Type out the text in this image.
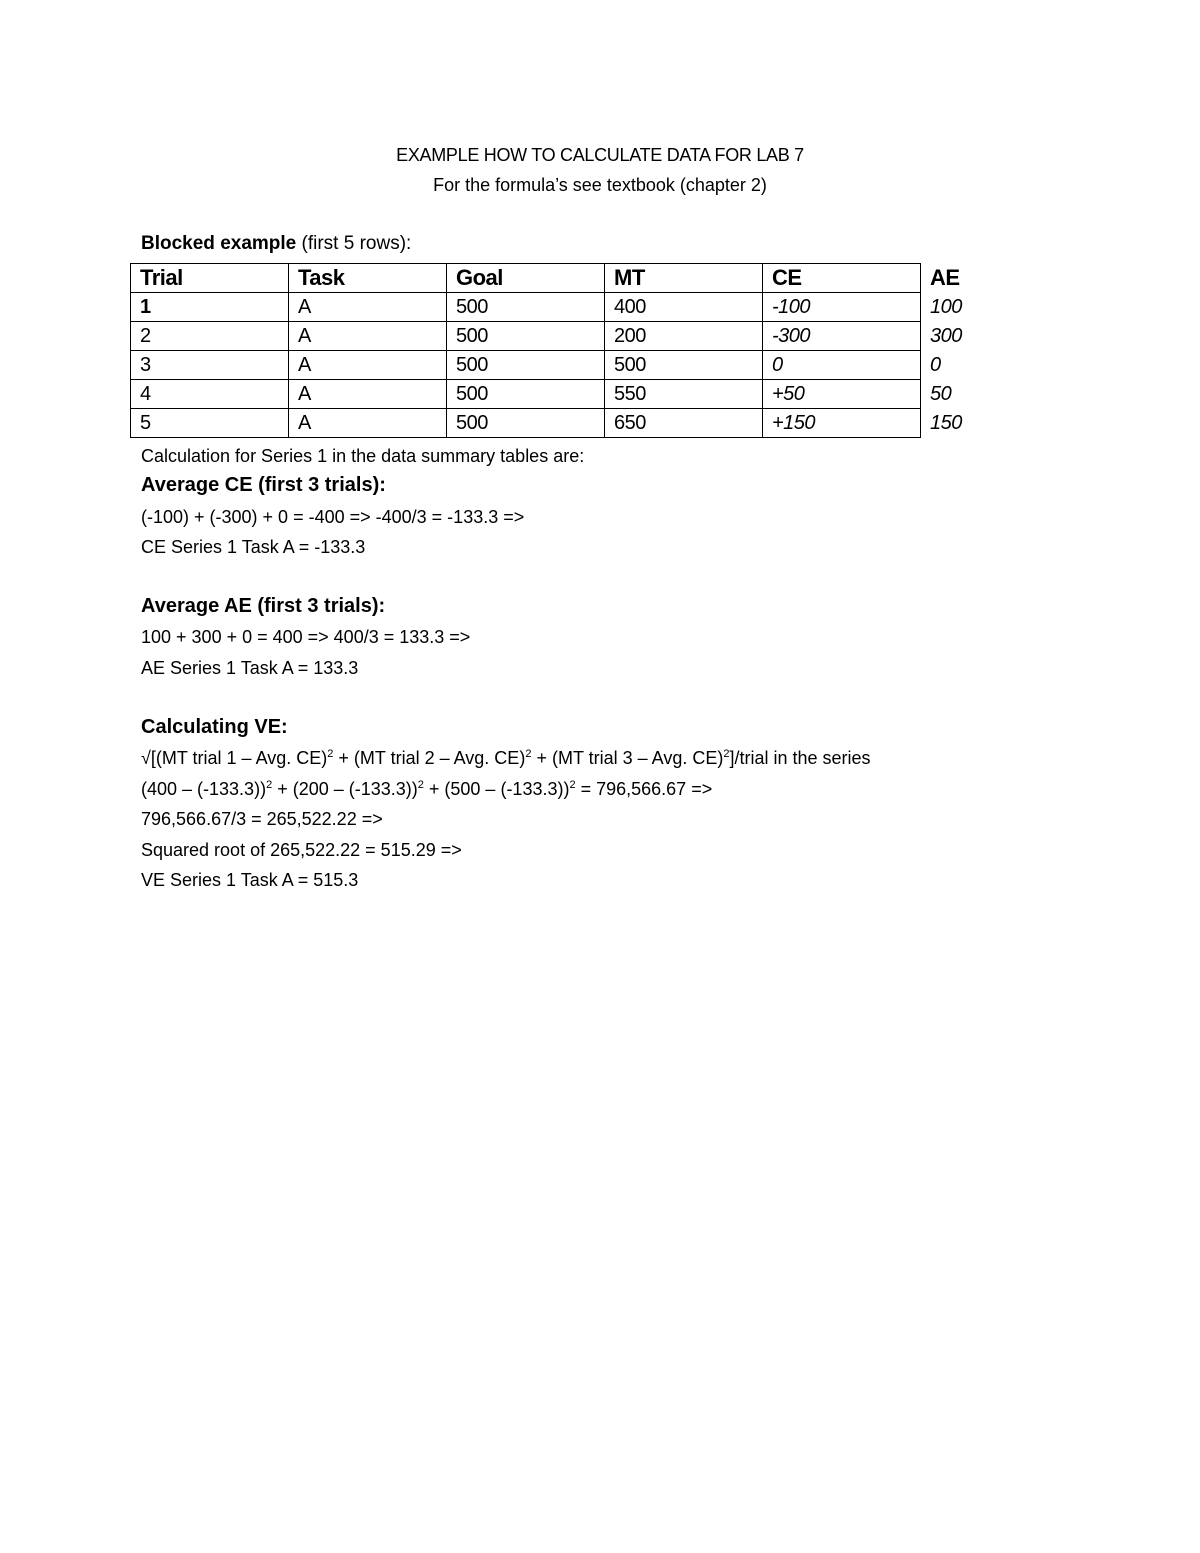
EXAMPLE HOW TO CALCULATE DATA FOR LAB 7
For the formula’s see textbook (chapter 2)
Blocked example (first 5 rows):
Trial	Task	Goal	MT	CE	AE
1	A	500	400	-100	100
2	A	500	200	-300	300
3	A	500	500	0	0
4	A	500	550	+50	50
5	A	500	650	+150	150
Calculation for Series 1 in the data summary tables are:
Average CE (first 3 trials):
(-100) + (-300) + 0 = -400 => -400/3 = -133.3 =>
CE Series 1 Task A = -133.3
Average AE (first 3 trials):
100 + 300 + 0 = 400 => 400/3 = 133.3 =>
AE Series 1 Task A = 133.3
Calculating VE:
√[(MT trial 1 – Avg. CE)$^2$ + (MT trial 2 – Avg. CE)$^2$ + (MT trial 3 – Avg. CE)$^2$]/trial in the series
(400 – (-133.3))$^2$ + (200 – (-133.3))$^2$ + (500 – (-133.3))$^2$ = 796,566.67 =>
796,566.67/3 = 265,522.22 =>
Squared root of 265,522.22 = 515.29 =>
VE Series 1 Task A = 515.3
